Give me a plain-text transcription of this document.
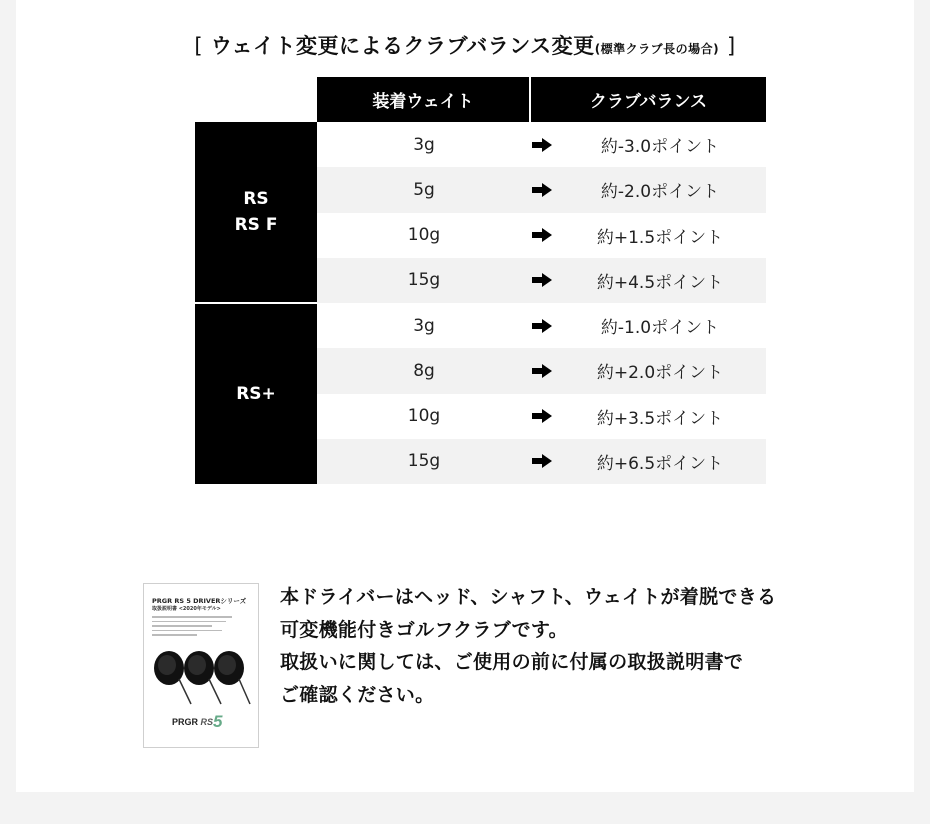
[ ウェイト変更によるクラブバランス変更(標準クラブ長の場合) ]
	装着ウェイト	クラブバランス	

RS
RS F	3g		約-3.0ポイント
	5g		約-2.0ポイント
	10g		約+1.5ポイント
	15g		約+4.5ポイント

RS+	3g		約-1.0ポイント
	8g		約+2.0ポイント
	10g		約+3.5ポイント
	15g		約+6.5ポイント
PRGR RS 5 DRIVERシリーズ
取扱説明書 <2020年モデル>
PRGR RS5

本ドライバーはヘッド、シャフト、ウェイトが着脱できる

可変機能付きゴルフクラブです。

取扱いに関しては、ご使用の前に付属の取扱説明書で

ご確認ください。
